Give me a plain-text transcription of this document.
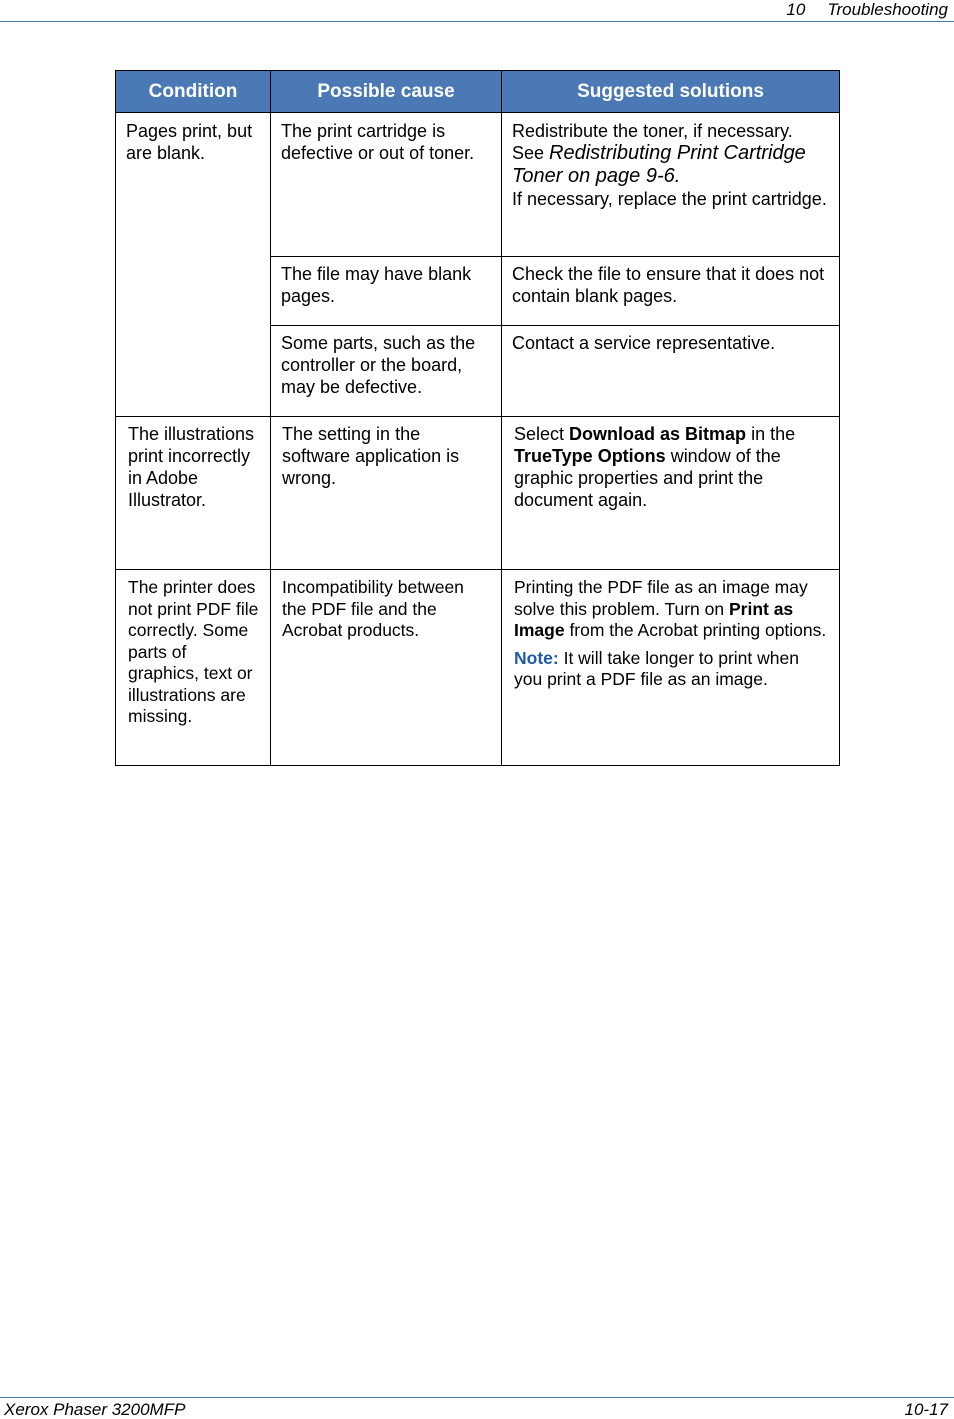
10 Troubleshooting
Condition	Possible cause	Suggested solutions

Pages print, but are blank.	The print cartridge is defective or out of toner.	Redistribute the toner, if necessary.
See Redistributing Print Cartridge Toner on page 9-6.
If necessary, replace the print cartridge.

	The file may have blank pages.	Check the file to ensure that it does not contain blank pages.

	Some parts, such as the controller or the board, may be defective.	Contact a service representative.

The illustrations print incorrectly in Adobe Illustrator.	The setting in the software application is wrong.	Select Download as Bitmap in the TrueType Options window of the graphic properties and print the document again.

The printer does not print PDF file correctly. Some parts of graphics, text or illustrations are missing.	Incompatibility between the PDF file and the Acrobat products.	Printing the PDF file as an image may solve this problem. Turn on Print as Image from the Acrobat printing options.
Note: It will take longer to print when you print a PDF file as an image.
Xerox Phaser 3200MFP	10-17
